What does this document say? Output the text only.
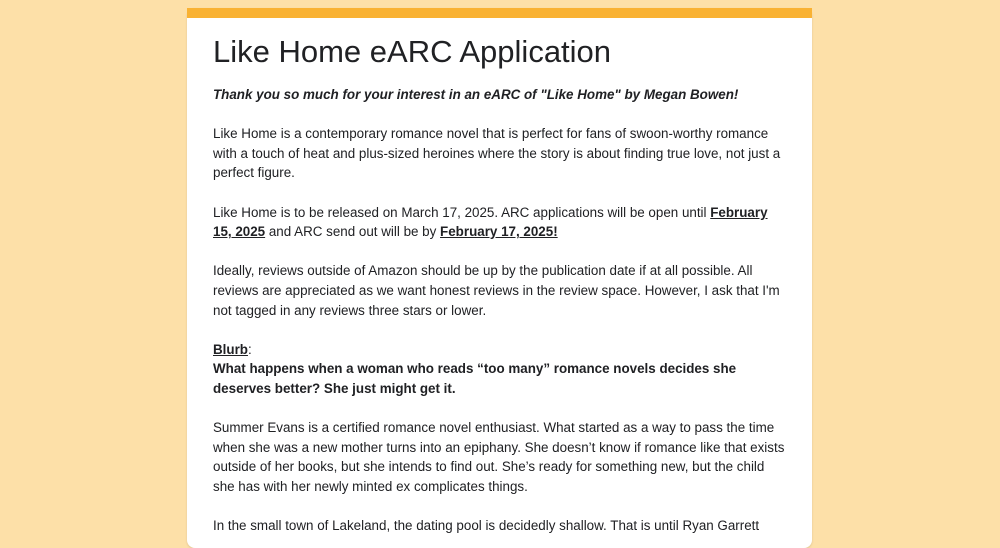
Like Home eARC Application

Thank you so much for your interest in an eARC of "Like Home" by Megan Bowen!

Like Home is a contemporary romance novel that is perfect for fans of swoon-worthy romance with a touch of heat and plus-sized heroines where the story is about finding true love, not just a perfect figure.

Like Home is to be released on March 17, 2025. ARC applications will be open until February 15, 2025 and ARC send out will be by February 17, 2025!

Ideally, reviews outside of Amazon should be up by the publication date if at all possible. All reviews are appreciated as we want honest reviews in the review space. However, I ask that I'm not tagged in any reviews three stars or lower.

Blurb:
What happens when a woman who reads “too many” romance novels decides she deserves better? She just might get it.

Summer Evans is a certified romance novel enthusiast. What started as a way to pass the time when she was a new mother turns into an epiphany. She doesn’t know if romance like that exists outside of her books, but she intends to find out. She’s ready for something new, but the child she has with her newly minted ex complicates things.

In the small town of Lakeland, the dating pool is decidedly shallow. That is until Ryan Garrett
